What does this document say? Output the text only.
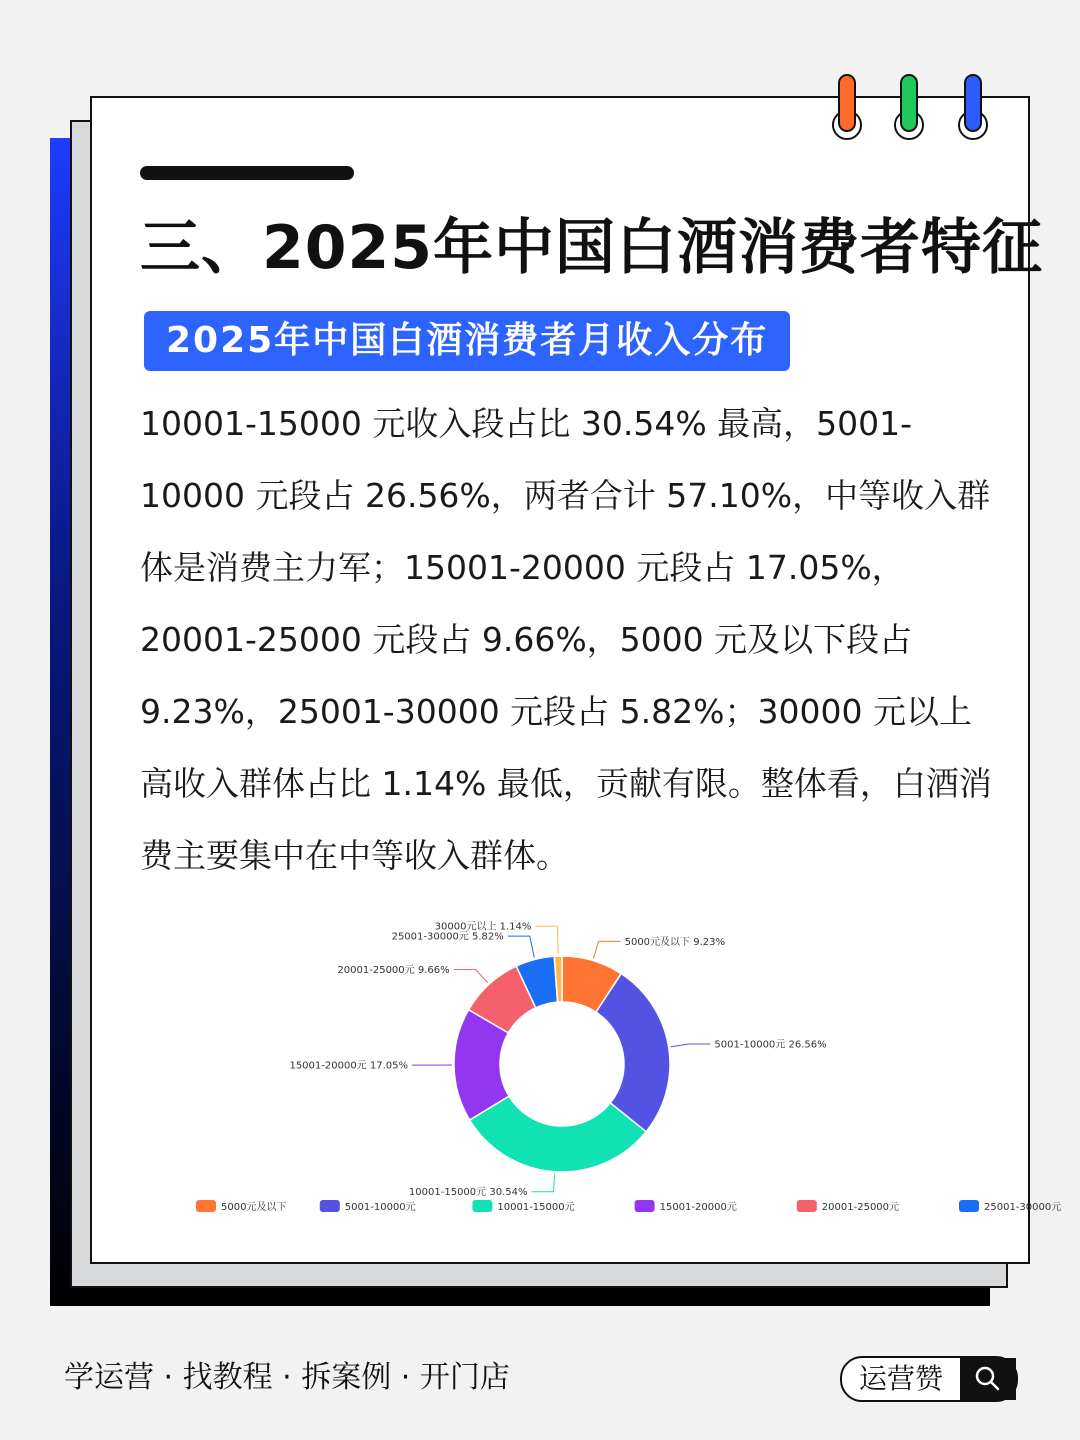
三、2025年中国白酒消费者特征
2025年中国白酒消费者月收入分布
10001-15000 元收入段占比 30.54% 最高，5001-10000 元段占 26.56%，两者合计 57.10%，中等收入群体是消费主力军；15001-20000 元段占 17.05%，20001-25000 元段占 9.66%，5000 元及以下段占 9.23%，25001-30000 元段占 5.82%；30000 元以上高收入群体占比 1.14% 最低，贡献有限。整体看，白酒消费主要集中在中等收入群体。
5000元及以下 9.23%
5001-10000元 26.56%
10001-15000元 30.54%
15001-20000元 17.05%
20001-25000元 9.66%
25001-30000元 5.82%
30000元以上 1.14%
5000元及以下	5001-10000元	10001-15000元	15001-20000元	20001-25000元	25001-30000元
学运营 · 找教程 · 拆案例 · 开门店	运营赞
